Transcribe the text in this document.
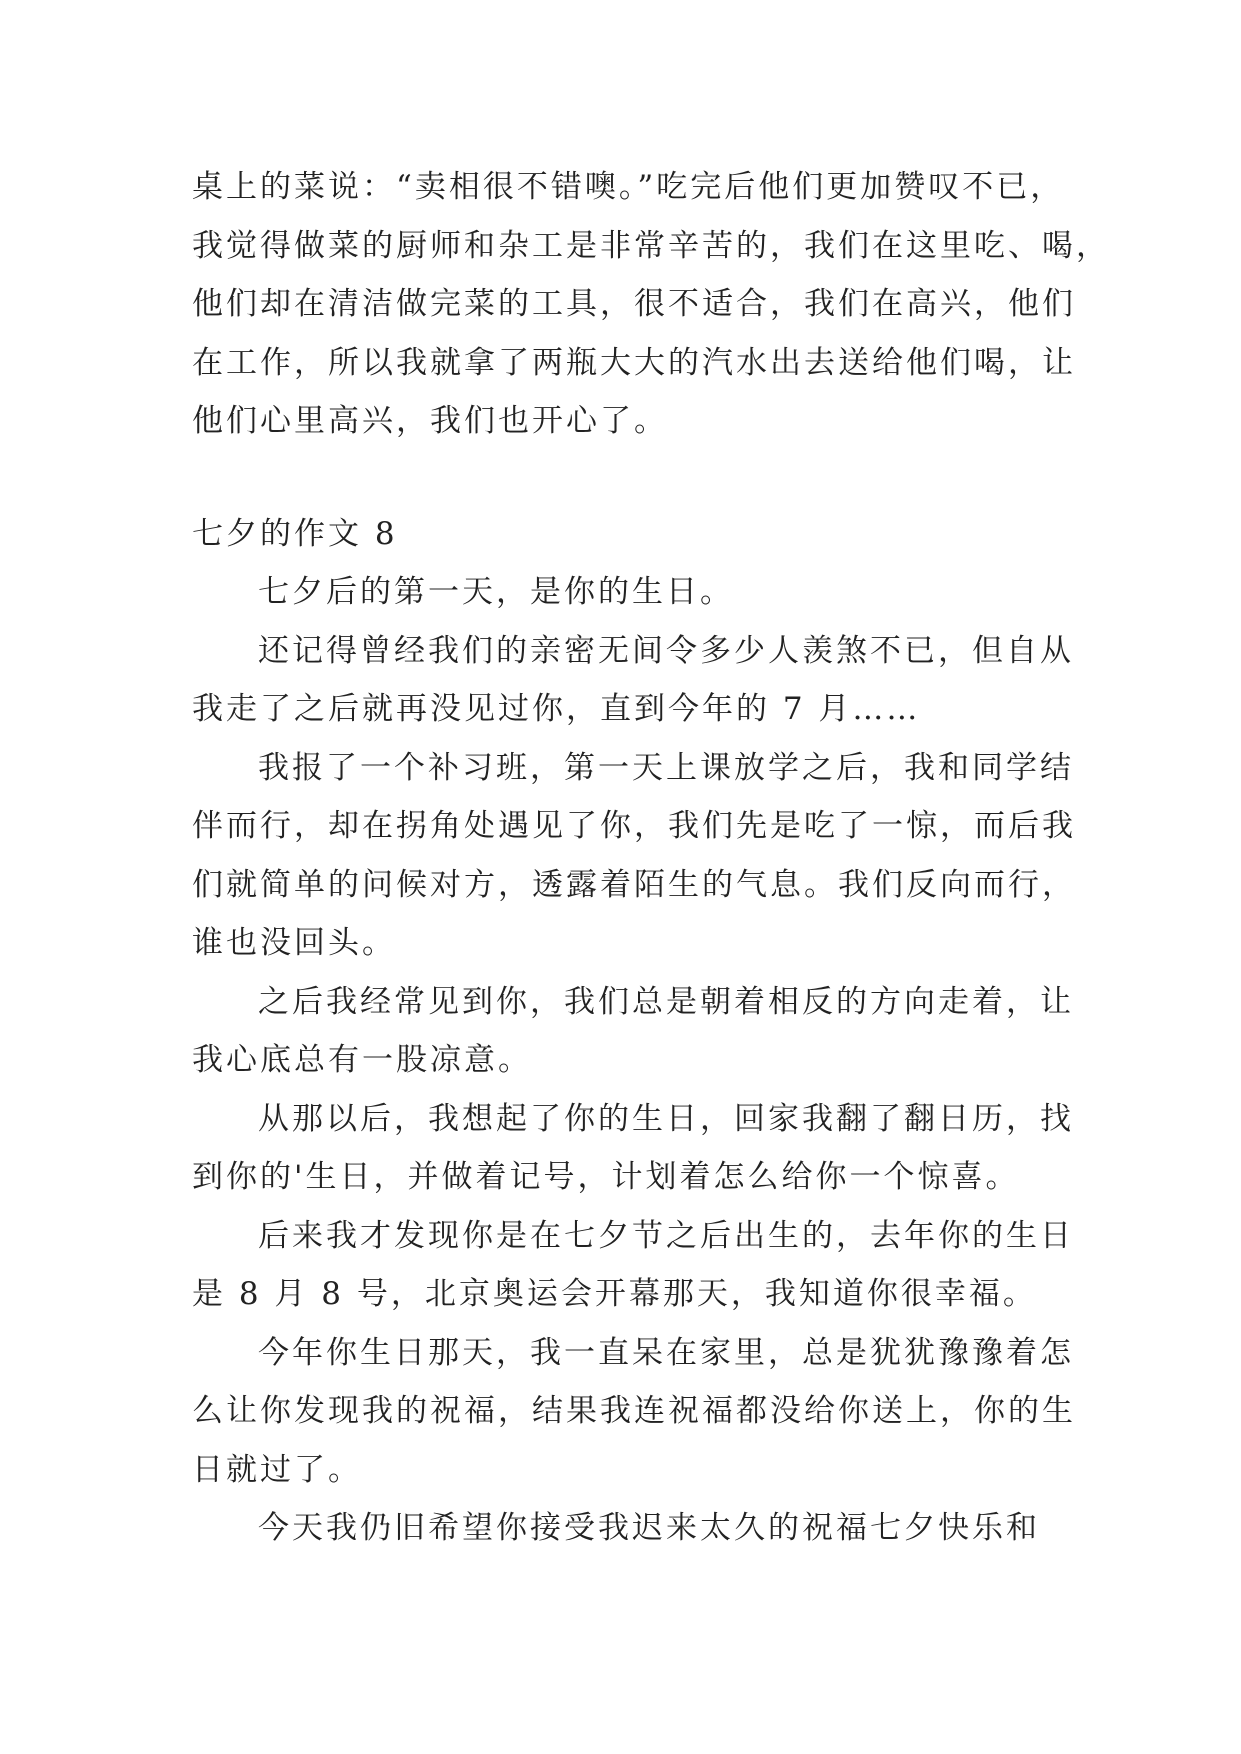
桌上的菜说：“卖相很不错噢。”吃完后他们更加赞叹不已，
我觉得做菜的厨师和杂工是非常辛苦的，我们在这里吃、喝，
他们却在清洁做完菜的工具，很不适合，我们在高兴，他们
在工作，所以我就拿了两瓶大大的汽水出去送给他们喝，让
他们心里高兴，我们也开心了。
七夕的作文 8
七夕后的第一天，是你的生日。
还记得曾经我们的亲密无间令多少人羡煞不已，但自从
我走了之后就再没见过你，直到今年的 7 月……
我报了一个补习班，第一天上课放学之后，我和同学结
伴而行，却在拐角处遇见了你，我们先是吃了一惊，而后我
们就简单的问候对方，透露着陌生的气息。我们反向而行，
谁也没回头。
之后我经常见到你，我们总是朝着相反的方向走着，让
我心底总有一股凉意。
从那以后，我想起了你的生日，回家我翻了翻日历，找
到你的'生日，并做着记号，计划着怎么给你一个惊喜。
后来我才发现你是在七夕节之后出生的，去年你的生日
是 8 月 8 号，北京奥运会开幕那天，我知道你很幸福。
今年你生日那天，我一直呆在家里，总是犹犹豫豫着怎
么让你发现我的祝福，结果我连祝福都没给你送上，你的生
日就过了。
今天我仍旧希望你接受我迟来太久的祝福七夕快乐和
